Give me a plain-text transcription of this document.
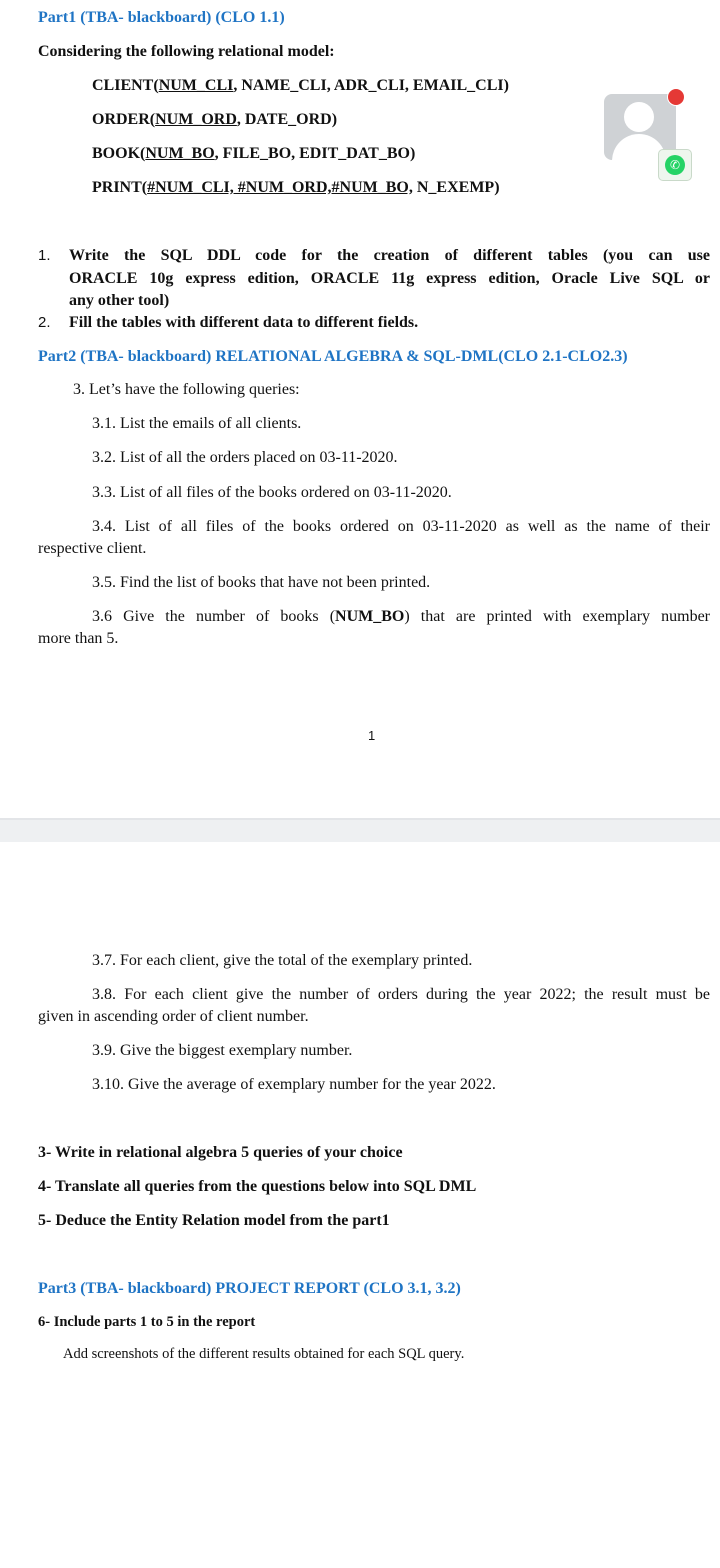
Part1 (TBA- blackboard) (CLO 1.1)
Considering the following relational model:
CLIENT(NUM_CLI, NAME_CLI, ADR_CLI, EMAIL_CLI)
ORDER(NUM_ORD, DATE_ORD)
BOOK(NUM_BO, FILE_BO, EDIT_DAT_BO)
PRINT(#NUM_CLI, #NUM_ORD,#NUM_BO, N_EXEMP)
✆
1. Write the SQL DDL code for the creation of different tables (you can use
ORACLE 10g express edition, ORACLE 11g express edition, Oracle Live SQL or
any other tool)
2. Fill the tables with different data to different fields.
Part2 (TBA- blackboard) RELATIONAL ALGEBRA & SQL-DML(CLO 2.1-CLO2.3)
3. Let’s have the following queries:
3.1. List the emails of all clients.
3.2. List of all the orders placed on 03-11-2020.
3.3. List of all files of the books ordered on 03-11-2020.
3.4. List of all files of the books ordered on 03-11-2020 as well as the name of their
respective client.
3.5. Find the list of books that have not been printed.
3.6 Give the number of books (NUM_BO) that are printed with exemplary number
more than 5.
1
3.7. For each client, give the total of the exemplary printed.
3.8. For each client give the number of orders during the year 2022; the result must be
given in ascending order of client number.
3.9. Give the biggest exemplary number.
3.10. Give the average of exemplary number for the year 2022.
3- Write in relational algebra 5 queries of your choice
4- Translate all queries from the questions below into SQL DML
5- Deduce the Entity Relation model from the part1
Part3 (TBA- blackboard) PROJECT REPORT (CLO 3.1, 3.2)
6- Include parts 1 to 5 in the report
Add screenshots of the different results obtained for each SQL query.
